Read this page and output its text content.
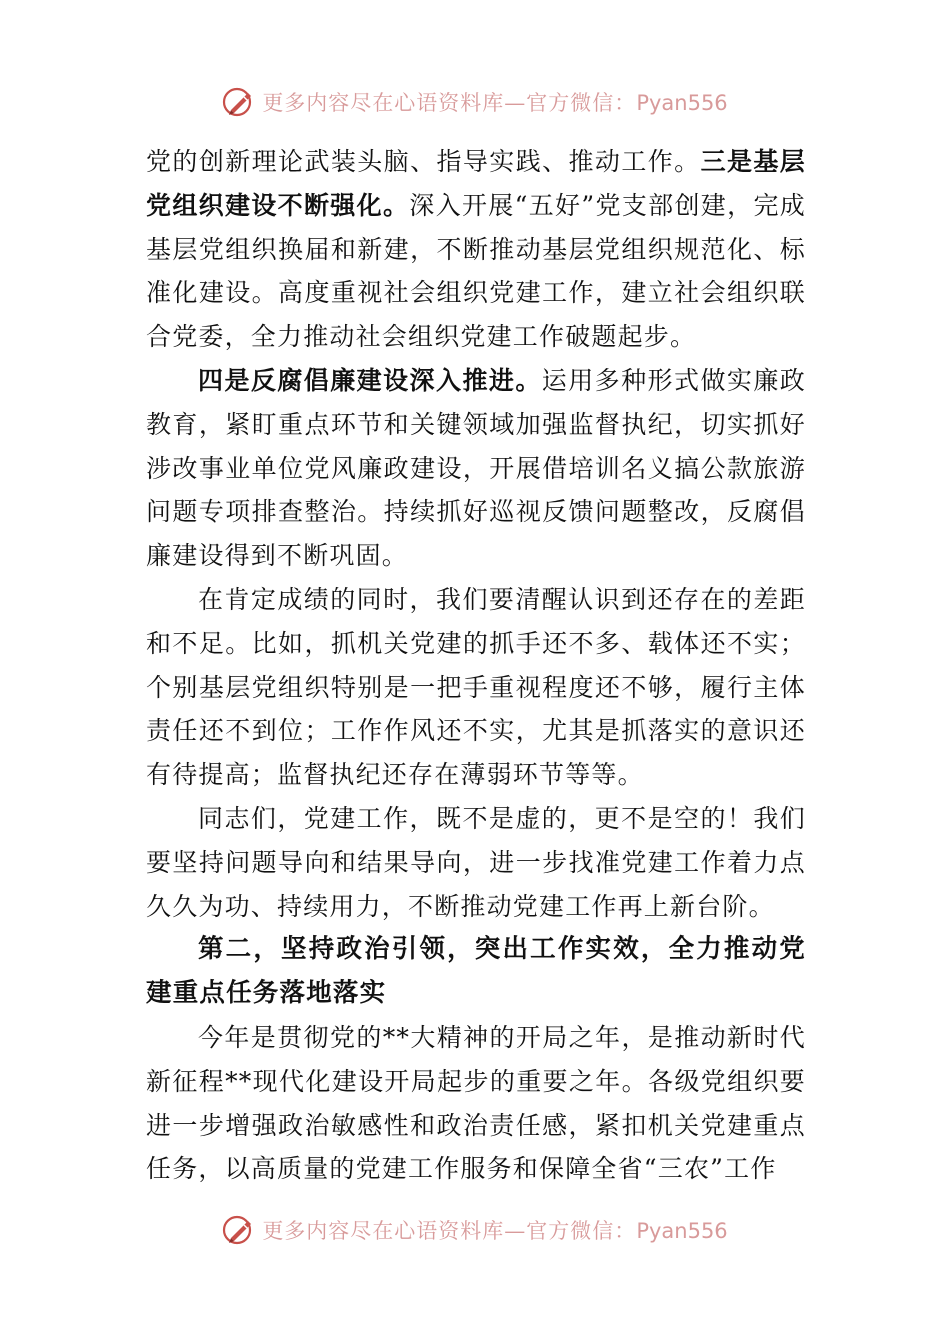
更多内容尽在心语资料库—官方微信：Pyan556

党的创新理论武装头脑、指导实践、推动工作。三是基层党组织建设不断强化。深入开展“五好”党支部创建，完成基层党组织换届和新建，不断推动基层党组织规范化、标准化建设。高度重视社会组织党建工作，建立社会组织联合党委，全力推动社会组织党建工作破题起步。

四是反腐倡廉建设深入推进。运用多种形式做实廉政教育，紧盯重点环节和关键领域加强监督执纪，切实抓好涉改事业单位党风廉政建设，开展借培训名义搞公款旅游问题专项排查整治。持续抓好巡视反馈问题整改，反腐倡廉建设得到不断巩固。

在肯定成绩的同时，我们要清醒认识到还存在的差距和不足。比如，抓机关党建的抓手还不多、载体还不实；个别基层党组织特别是一把手重视程度还不够，履行主体责任还不到位；工作作风还不实，尤其是抓落实的意识还有待提高；监督执纪还存在薄弱环节等等。

同志们，党建工作，既不是虚的，更不是空的！我们要坚持问题导向和结果导向，进一步找准党建工作着力点久久为功、持续用力，不断推动党建工作再上新台阶。

第二，坚持政治引领，突出工作实效，全力推动党建重点任务落地落实

今年是贯彻党的**大精神的开局之年，是推动新时代新征程**现代化建设开局起步的重要之年。各级党组织要进一步增强政治敏感性和政治责任感，紧扣机关党建重点任务，以高质量的党建工作服务和保障全省“三农”工作

更多内容尽在心语资料库—官方微信：Pyan556
